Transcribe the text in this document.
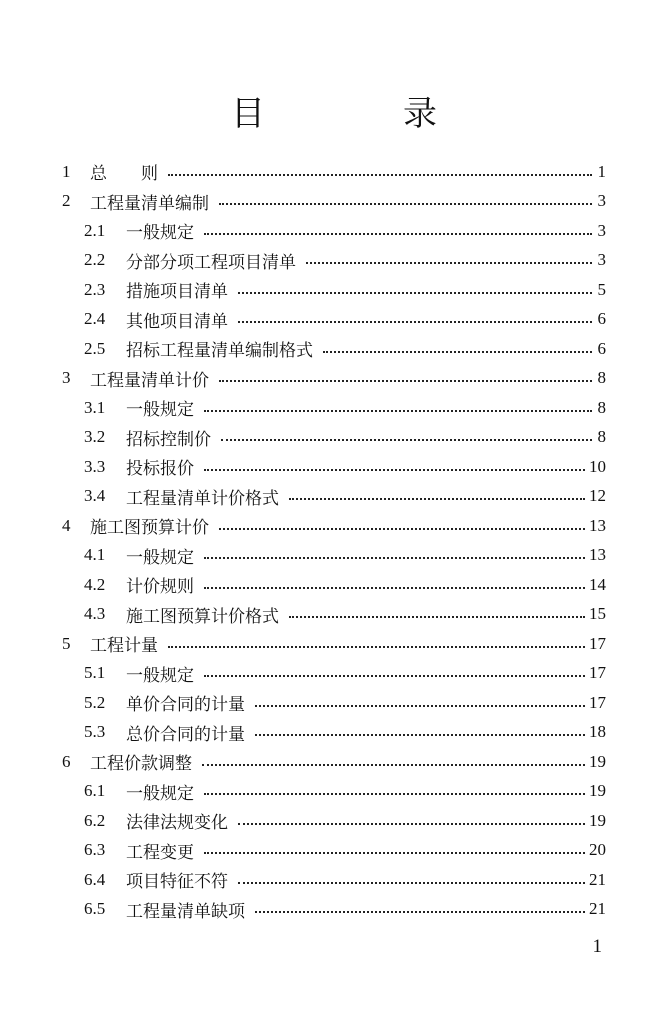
目　录
1	总　　则	1
2	工程量清单编制	3
2.1	一般规定	3
2.2	分部分项工程项目清单	3
2.3	措施项目清单	5
2.4	其他项目清单	6
2.5	招标工程量清单编制格式	6
3	工程量清单计价	8
3.1	一般规定	8
3.2	招标控制价	8
3.3	投标报价	10
3.4	工程量清单计价格式	12
4	施工图预算计价	13
4.1	一般规定	13
4.2	计价规则	14
4.3	施工图预算计价格式	15
5	工程计量	17
5.1	一般规定	17
5.2	单价合同的计量	17
5.3	总价合同的计量	18
6	工程价款调整	19
6.1	一般规定	19
6.2	法律法规变化	19
6.3	工程变更	20
6.4	项目特征不符	21
6.5	工程量清单缺项	21
1
